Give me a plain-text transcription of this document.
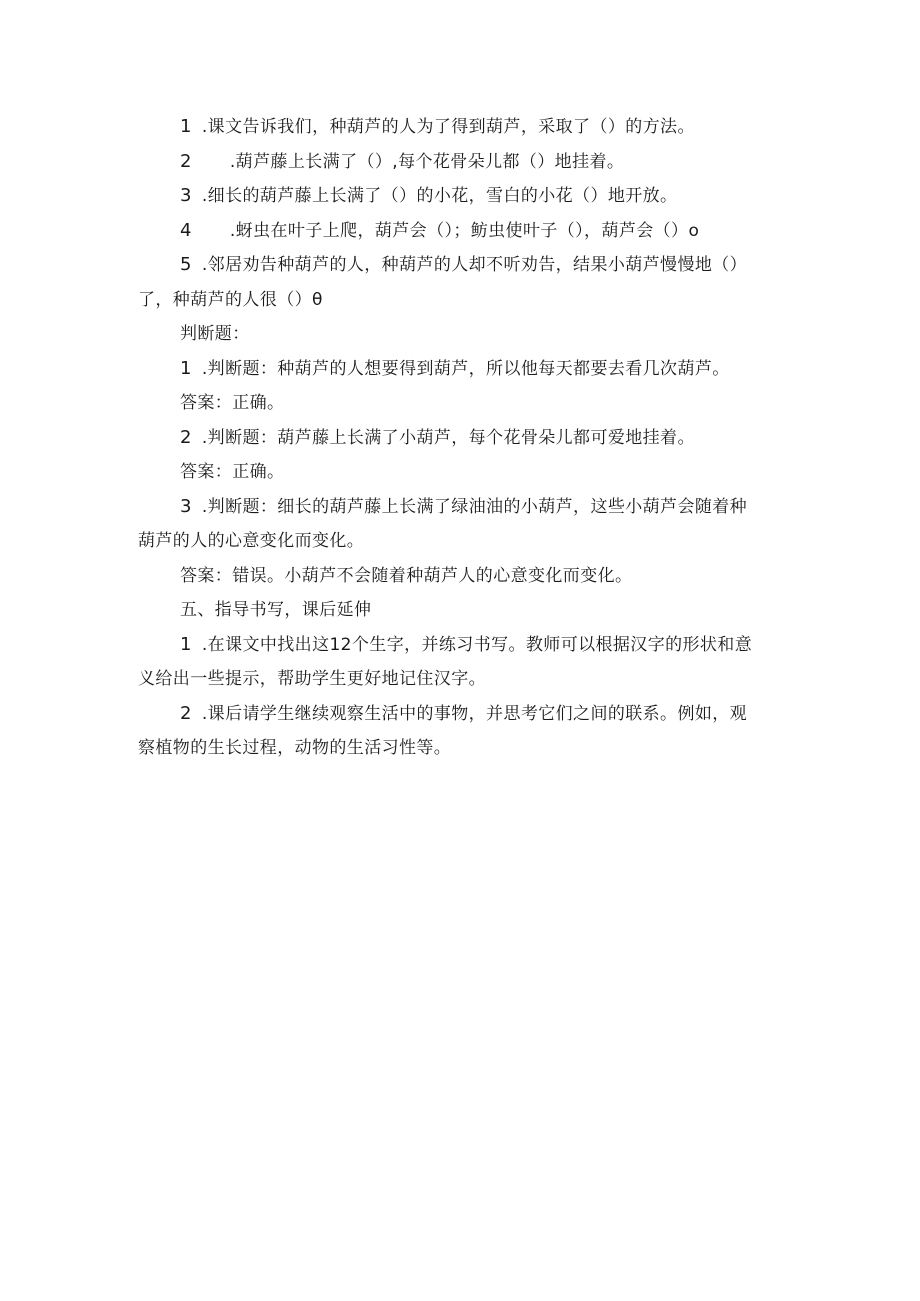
1 .课文告诉我们，种葫芦的人为了得到葫芦，采取了（）的方法。

2 .葫芦藤上长满了（）,每个花骨朵儿都（）地挂着。

3 .细长的葫芦藤上长满了（）的小花，雪白的小花（）地开放。

4 .蚜虫在叶子上爬，葫芦会（）；鲂虫使叶子（），葫芦会（）o

5 .邻居劝告种葫芦的人，种葫芦的人却不听劝告，结果小葫芦慢慢地（）

了，种葫芦的人很（）θ

判断题：

1 .判断题：种葫芦的人想要得到葫芦，所以他每天都要去看几次葫芦。

答案：正确。

2 .判断题：葫芦藤上长满了小葫芦，每个花骨朵儿都可爱地挂着。

答案：正确。

3 .判断题：细长的葫芦藤上长满了绿油油的小葫芦，这些小葫芦会随着种

葫芦的人的心意变化而变化。

答案：错误。小葫芦不会随着种葫芦人的心意变化而变化。

五、指导书写，课后延伸

1 .在课文中找出这12个生字，并练习书写。教师可以根据汉字的形状和意

义给出一些提示，帮助学生更好地记住汉字。

2 .课后请学生继续观察生活中的事物，并思考它们之间的联系。例如，观

察植物的生长过程，动物的生活习性等。
